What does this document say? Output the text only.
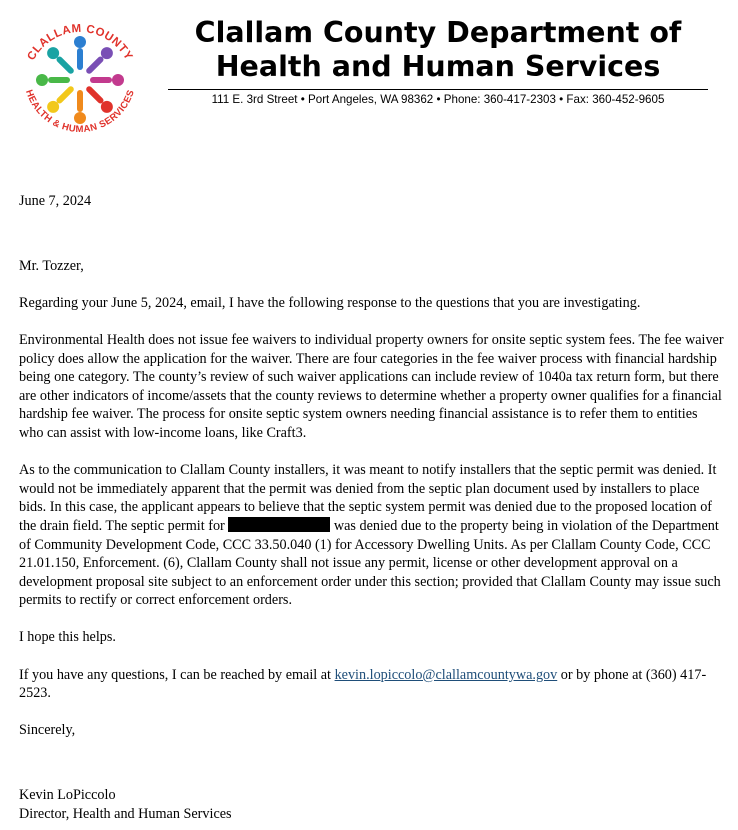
CLALLAM COUNTY
HEALTH & HUMAN SERVICES
Clallam County Department of
Health and Human Services
111 E. 3rd Street • Port Angeles, WA 98362 • Phone: 360-417-2303 • Fax: 360-452-9605

June 7, 2024

Mr. Tozzer,

Regarding your June 5, 2024, email, I have the following response to the questions that you are investigating.

Environmental Health does not issue fee waivers to individual property owners for onsite septic system fees. The fee waiver policy does allow the application for the waiver. There are four categories in the fee waiver process with financial hardship being one category. The county’s review of such waiver applications can include review of 1040a tax return form, but there are other indicators of income/assets that the county reviews to determine whether a property owner qualifies for a financial hardship fee waiver. The process for onsite septic system owners needing financial assistance is to refer them to entities who can assist with low-income loans, like Craft3.

As to the communication to Clallam County installers, it was meant to notify installers that the septic permit was denied. It would not be immediately apparent that the permit was denied from the septic plan document used by installers to place bids. In this case, the applicant appears to believe that the septic system permit was denied due to the proposed location of the drain field. The septic permit for	was denied due to the property being in violation of the Department of Community Development Code, CCC 33.50.040 (1) for Accessory Dwelling Units. As per Clallam County Code, CCC 21.01.150, Enforcement. (6), Clallam County shall not issue any permit, license or other development approval on a development proposal site subject to an enforcement order under this section; provided that Clallam County may issue such permits to rectify or correct enforcement orders.

I hope this helps.

If you have any questions, I can be reached by email at kevin.lopiccolo@clallamcountywa.gov or by phone at (360) 417-2523.

Sincerely,

Kevin LoPiccolo

Director, Health and Human Services
